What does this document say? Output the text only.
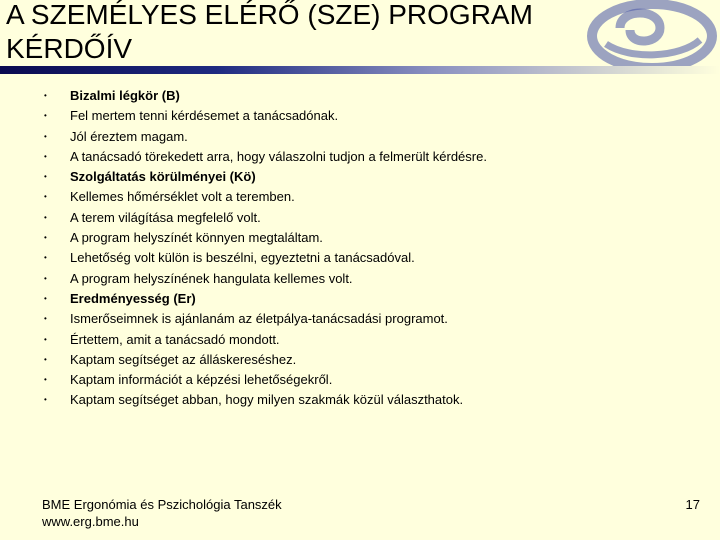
A SZEMÉLYES ELÉRŐ (SZE) PROGRAM
KÉRDŐÍV
• Bizalmi légkör (B)
• Fel mertem tenni kérdésemet a tanácsadónak.
• Jól éreztem magam.
• A tanácsadó törekedett arra, hogy válaszolni tudjon a felmerült kérdésre.
• Szolgáltatás körülményei (Kö)
• Kellemes hőmérséklet volt a teremben.
• A terem világítása megfelelő volt.
• A program helyszínét könnyen megtaláltam.
• Lehetőség volt külön is beszélni, egyeztetni a tanácsadóval.
• A program helyszínének hangulata kellemes volt.
• Eredményesség (Er)
• Ismerőseimnek is ajánlanám az életpálya-tanácsadási programot.
• Értettem, amit a tanácsadó mondott.
• Kaptam segítséget az álláskereséshez.
• Kaptam információt a képzési lehetőségekről.
• Kaptam segítséget abban, hogy milyen szakmák közül választhatok.
BME Ergonómia és Pszichológia Tanszék
www.erg.bme.hu
17
